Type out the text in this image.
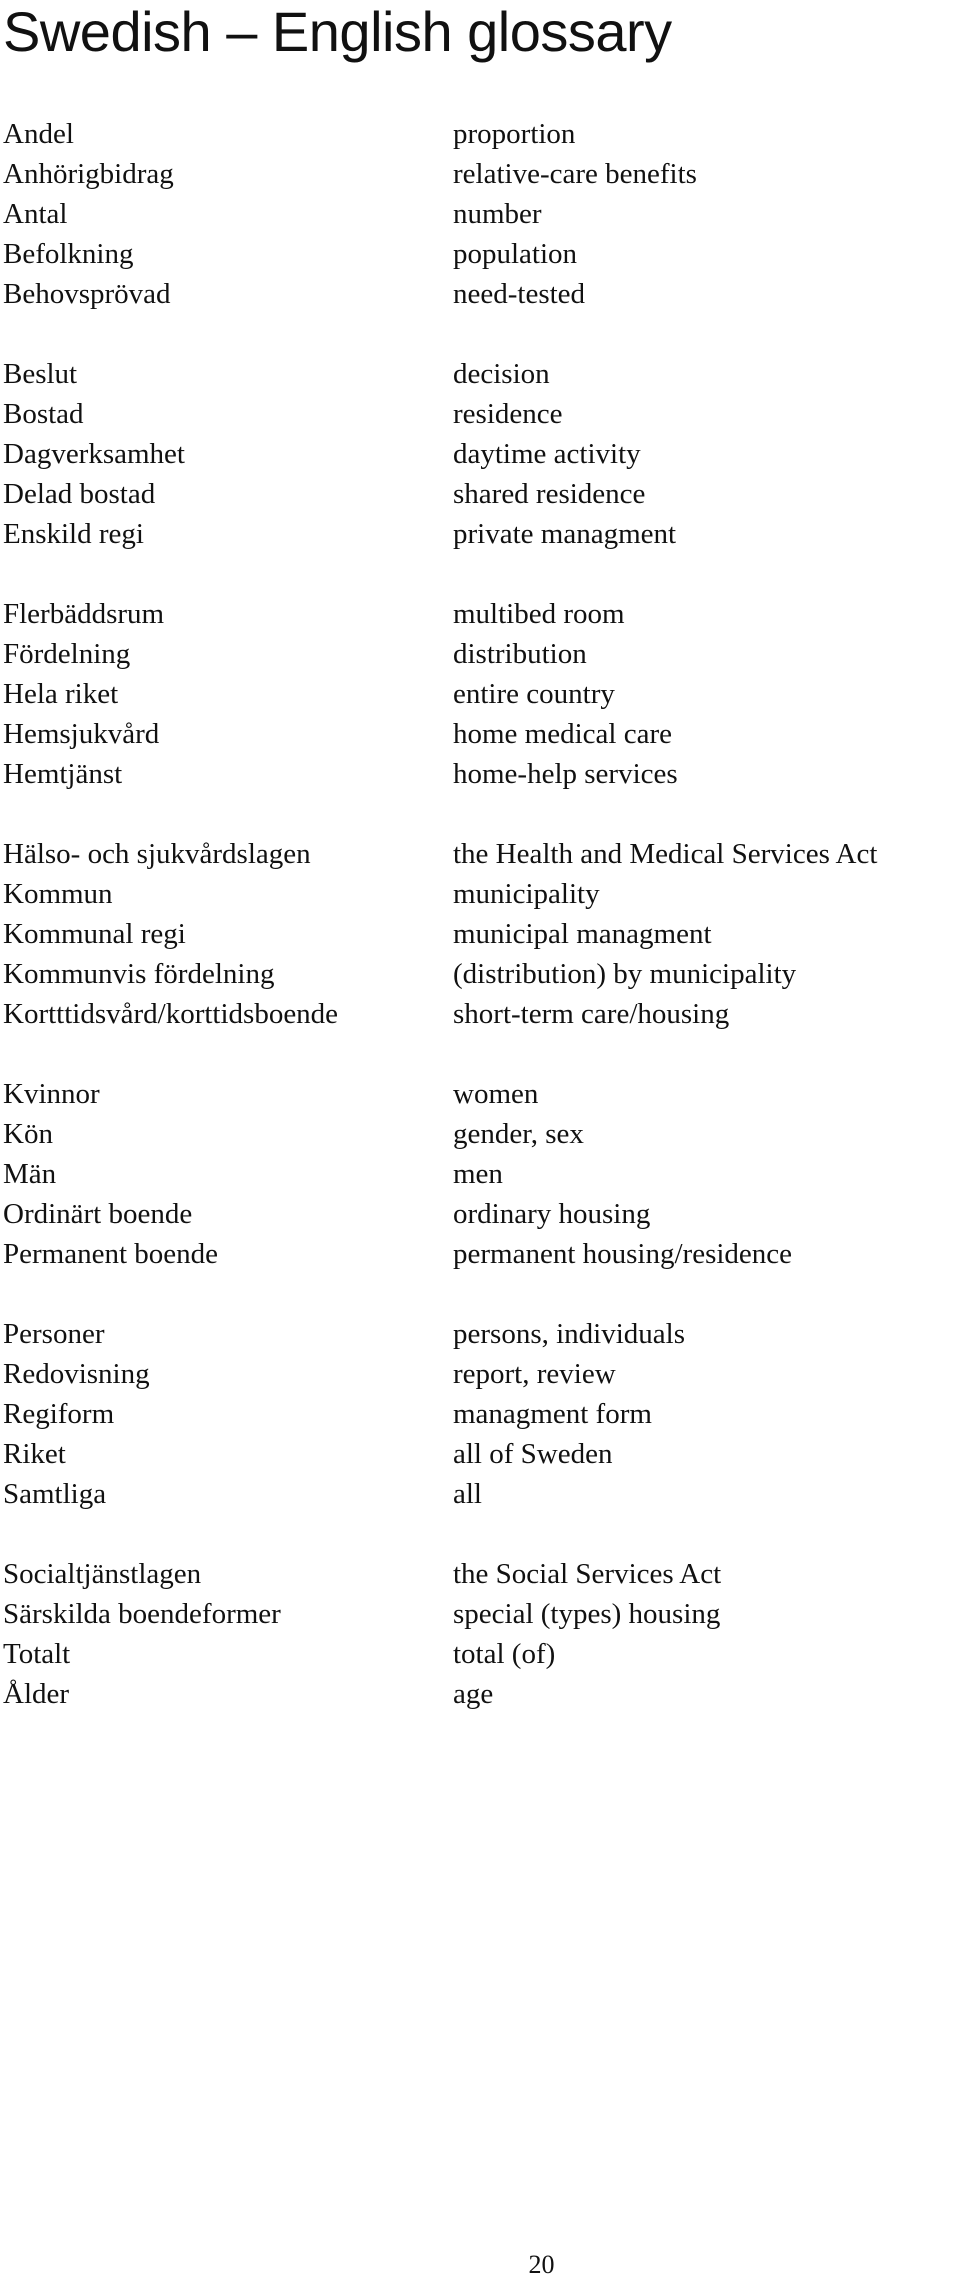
Swedish – English glossary
Andel	proportion
Anhörigbidrag	relative-care benefits
Antal	number
Befolkning	population
Behovsprövad	need-tested
Beslut	decision
Bostad	residence
Dagverksamhet	daytime activity
Delad bostad	shared residence
Enskild regi	private managment
Flerbäddsrum	multibed room
Fördelning	distribution
Hela riket	entire country
Hemsjukvård	home medical care
Hemtjänst	home-help services
Hälso- och sjukvårdslagen	the Health and Medical Services Act
Kommun	municipality
Kommunal regi	municipal managment
Kommunvis fördelning	(distribution) by municipality
Kortttidsvård/korttidsboende	short-term care/housing
Kvinnor	women
Kön	gender, sex
Män	men
Ordinärt boende	ordinary housing
Permanent boende	permanent housing/residence
Personer	persons, individuals
Redovisning	report, review
Regiform	managment form
Riket	all of Sweden
Samtliga	all
Socialtjänstlagen	the Social Services Act
Särskilda boendeformer	special (types) housing
Totalt	total (of)
Ålder	age
20
